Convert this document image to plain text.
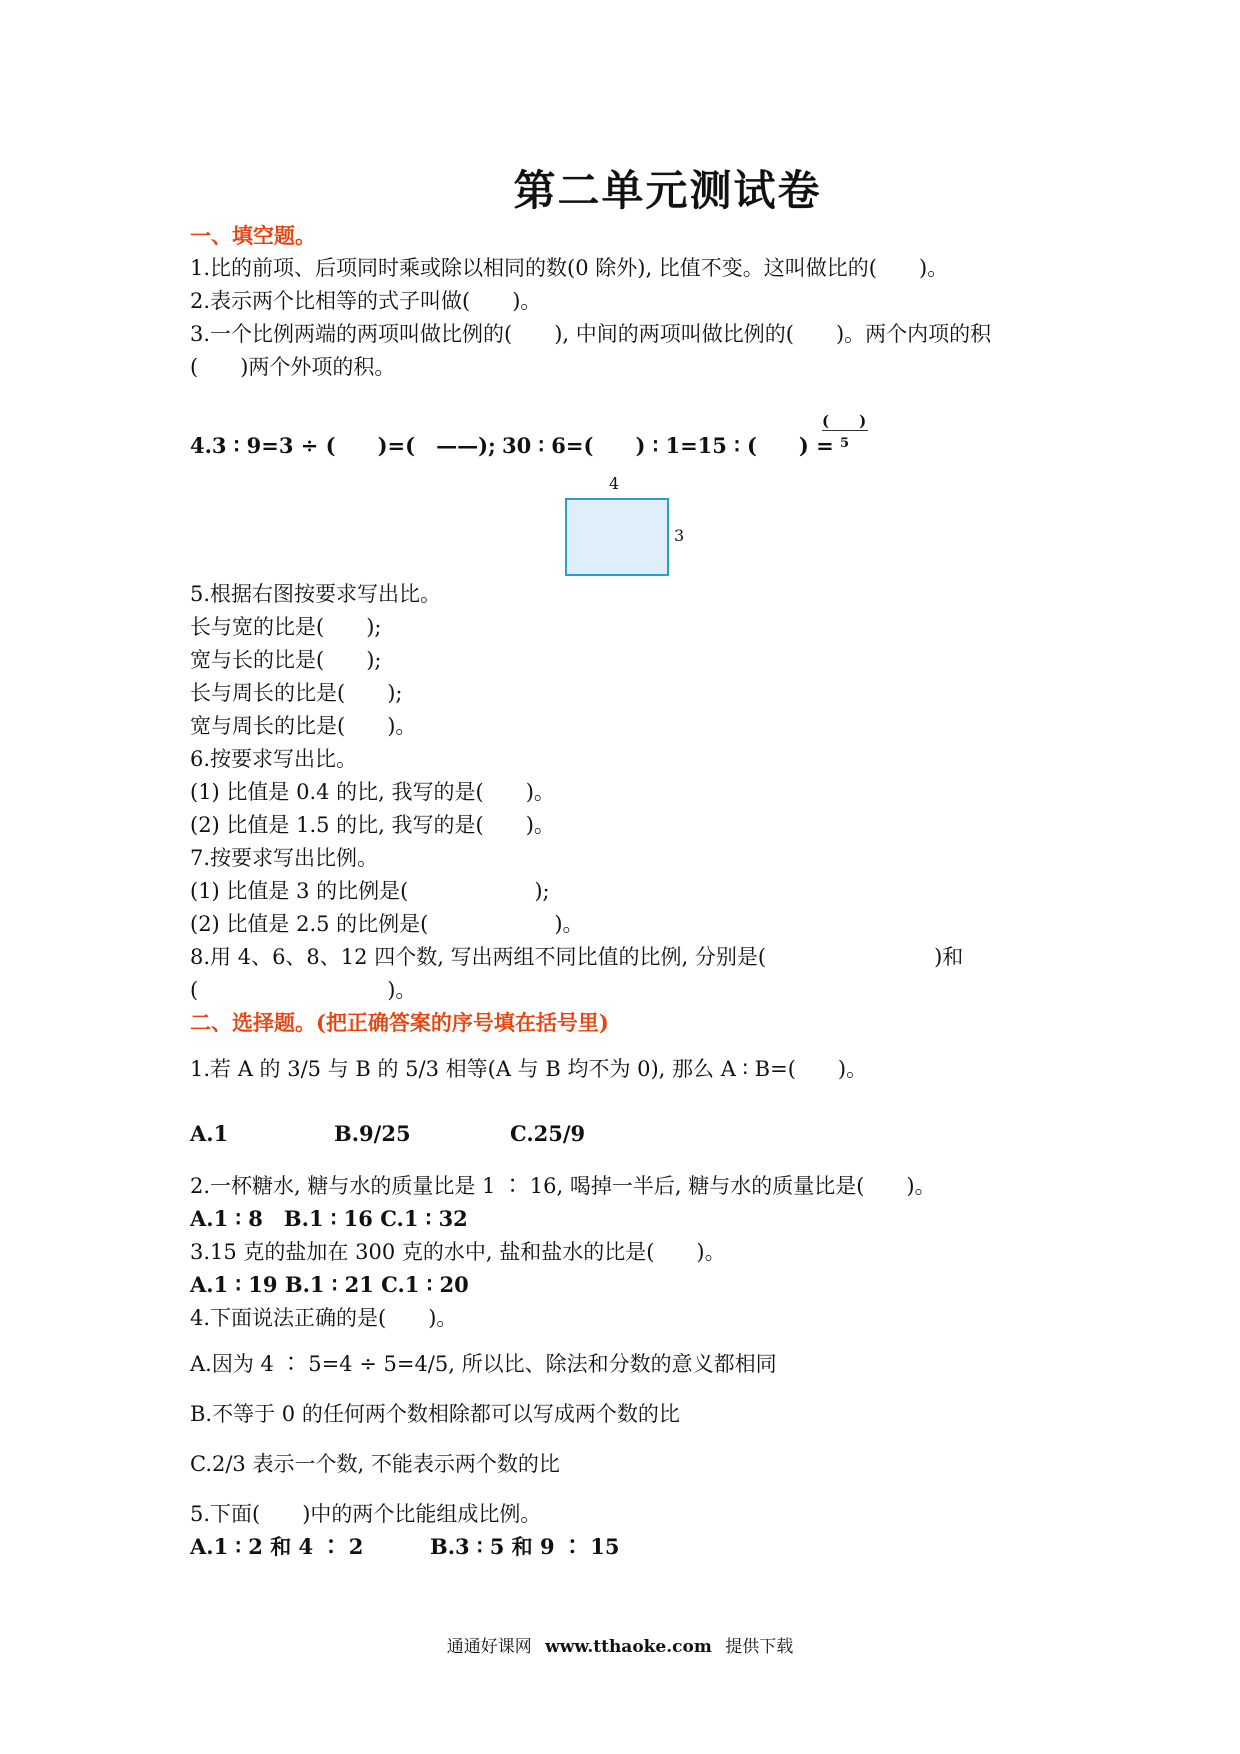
第二单元测试卷
一、填空题。
1.比的前项、后项同时乘或除以相同的数(0 除外), 比值不变。这叫做比的(　　)。
2.表示两个比相等的式子叫做(　　)。
3.一个比例两端的两项叫做比例的(　　), 中间的两项叫做比例的(　　)。两个内项的积
(　　)两个外项的积。
4.3 ∶ 9=3 ÷ (　　)=(　——); 30 ∶ 6=(　　) ∶ 1=15 ∶ (　　) =
(　　)
5
4
3
5.根据右图按要求写出比。
长与宽的比是(　　);
宽与长的比是(　　);
长与周长的比是(　　);
宽与周长的比是(　　)。
6.按要求写出比。
(1) 比值是 0.4 的比, 我写的是(　　)。
(2) 比值是 1.5 的比, 我写的是(　　)。
7.按要求写出比例。
(1) 比值是 3 的比例是(　　　　　　);
(2) 比值是 2.5 的比例是(　　　　　　)。
8.用 4、6、8、12 四个数, 写出两组不同比值的比例, 分别是(　　　　　　　　)和
(　　　　　　　　　)。
二、选择题。(把正确答案的序号填在括号里)
1.若 A 的 3/5 与 B 的 5/3 相等(A 与 B 均不为 0), 那么 A ∶ B=(　　)。
A.1	B.9/25	C.25/9
2.一杯糖水, 糖与水的质量比是 1 ∶ 16, 喝掉一半后, 糖与水的质量比是(　　)。
A.1 ∶ 8　B.1 ∶ 16 C.1 ∶ 32
3.15 克的盐加在 300 克的水中, 盐和盐水的比是(　　)。
A.1 ∶ 19 B.1 ∶ 21 C.1 ∶ 20
4.下面说法正确的是(　　)。
A.因为 4 ∶ 5=4 ÷ 5=4/5, 所以比、除法和分数的意义都相同
B.不等于 0 的任何两个数相除都可以写成两个数的比
C.2/3 表示一个数, 不能表示两个数的比
5.下面(　　)中的两个比能组成比例。
A.1 ∶ 2 和 4 ∶ 2	B.3 ∶ 5 和 9 ∶ 15
通通好课网 www.tthaoke.com 提供下载
